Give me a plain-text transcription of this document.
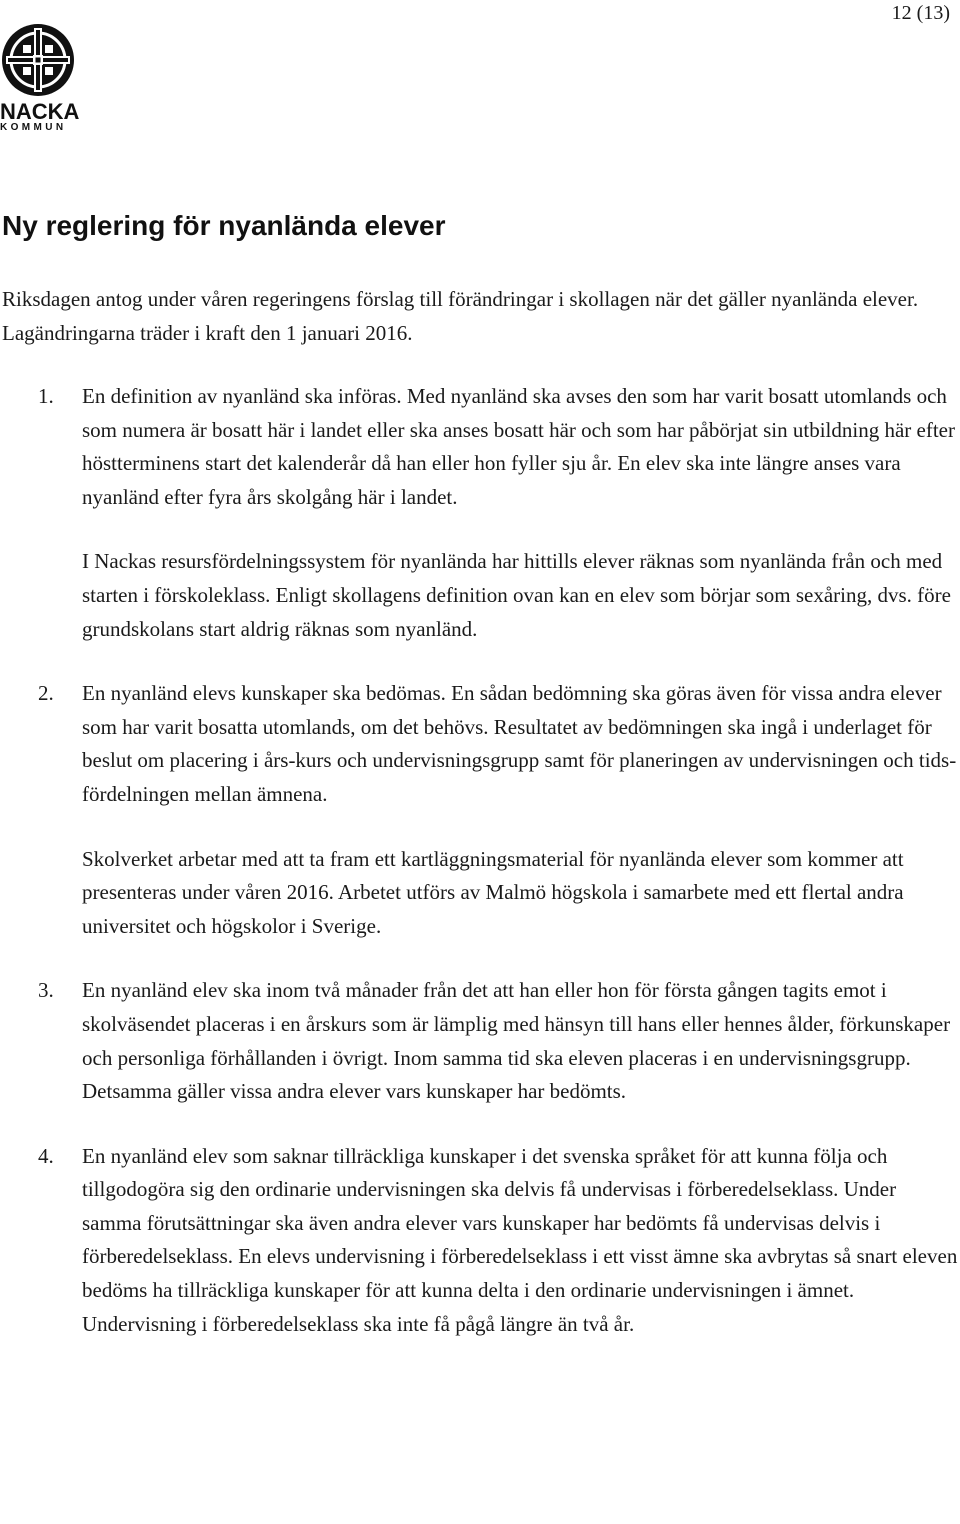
12 (13)
NACKA
KOMMUN
Ny reglering för nyanlända elever

Riksdagen antog under våren regeringens förslag till förändringar i skollagen när det gäller nyanlända elever. Lagändringarna träder i kraft den 1 januari 2016.

1. En definition av nyanländ ska införas. Med nyanländ ska avses den som har varit bosatt utomlands och som numera är bosatt här i landet eller ska anses bosatt här och som har påbörjat sin utbildning här efter höstterminens start det kalenderår då han eller hon fyller sju år. En elev ska inte längre anses vara nyanländ efter fyra års skolgång här i landet.

I Nackas resursfördelningssystem för nyanlända har hittills elever räknas som nyanlända från och med starten i förskoleklass. Enligt skollagens definition ovan kan en elev som börjar som sexåring, dvs. före grundskolans start aldrig räknas som nyanländ.

2. En nyanländ elevs kunskaper ska bedömas. En sådan bedömning ska göras även för vissa andra elever som har varit bosatta utomlands, om det behövs. Resultatet av bedömningen ska ingå i underlaget för beslut om placering i års-kurs och undervisningsgrupp samt för planeringen av undervisningen och tids-fördelningen mellan ämnena.

Skolverket arbetar med att ta fram ett kartläggningsmaterial för nyanlända elever som kommer att presenteras under våren 2016. Arbetet utförs av Malmö högskola i samarbete med ett flertal andra universitet och högskolor i Sverige.

3. En nyanländ elev ska inom två månader från det att han eller hon för första gången tagits emot i skolväsendet placeras i en årskurs som är lämplig med hänsyn till hans eller hennes ålder, förkunskaper och personliga förhållanden i övrigt. Inom samma tid ska eleven placeras i en undervisningsgrupp. Detsamma gäller vissa andra elever vars kunskaper har bedömts.

4. En nyanländ elev som saknar tillräckliga kunskaper i det svenska språket för att kunna följa och tillgodogöra sig den ordinarie undervisningen ska delvis få undervisas i förberedelseklass. Under samma förutsättningar ska även andra elever vars kunskaper har bedömts få undervisas delvis i förberedelseklass. En elevs undervisning i förberedelseklass i ett visst ämne ska avbrytas så snart eleven bedöms ha tillräckliga kunskaper för att kunna delta i den ordinarie undervisningen i ämnet. Undervisning i förberedelseklass ska inte få pågå längre än två år.
